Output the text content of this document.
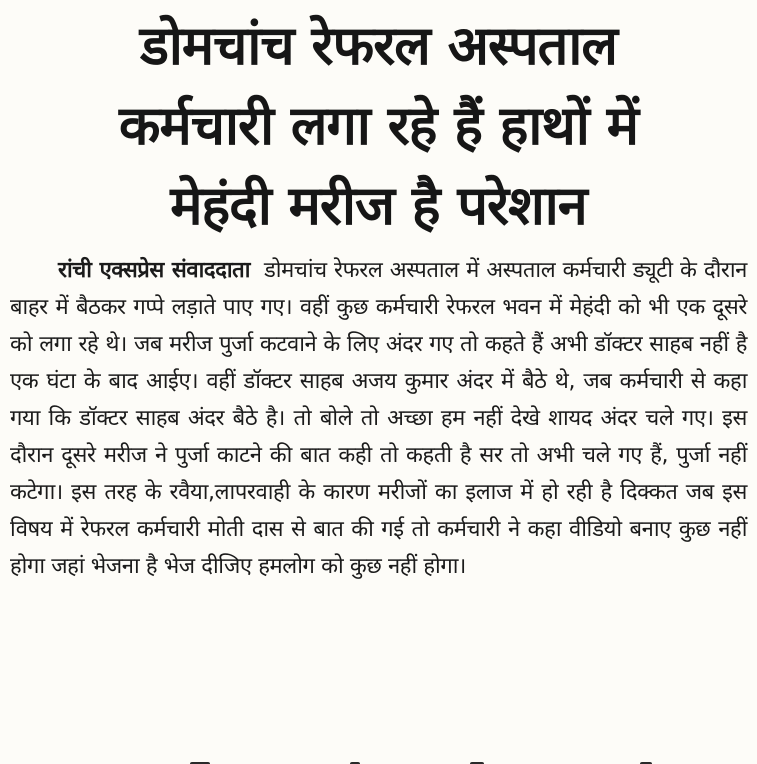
डोमचांच रेफरल अस्पताल
कर्मचारी लगा रहे हैं हाथों में
मेहंदी मरीज है परेशान

रांची एक्सप्रेस संवाददाता डोमचांच रेफरल अस्पताल में अस्पताल कर्मचारी ड्यूटी के दौरान बाहर में बैठकर गप्पे लड़ाते पाए गए। वहीं कुछ कर्मचारी रेफरल भवन में मेहंदी को भी एक दूसरे को लगा रहे थे। जब मरीज पुर्जा कटवाने के लिए अंदर गए तो कहते हैं अभी डॉक्टर साहब नहीं है एक घंटा के बाद आईए। वहीं डॉक्टर साहब अजय कुमार अंदर में बैठे थे, जब कर्मचारी से कहा गया कि डॉक्टर साहब अंदर बैठे है। तो बोले तो अच्छा हम नहीं देखे शायद अंदर चले गए। इस दौरान दूसरे मरीज ने पुर्जा काटने की बात कही तो कहती है सर तो अभी चले गए हैं, पुर्जा नहीं कटेगा। इस तरह के रवैया,लापरवाही के कारण मरीजों का इलाज में हो रही है दिक्कत जब इस विषय में रेफरल कर्मचारी मोती दास से बात की गई तो कर्मचारी ने कहा वीडियो बनाए कुछ नहीं होगा जहां भेजना है भेज दीजिए हमलोग को कुछ नहीं होगा।
